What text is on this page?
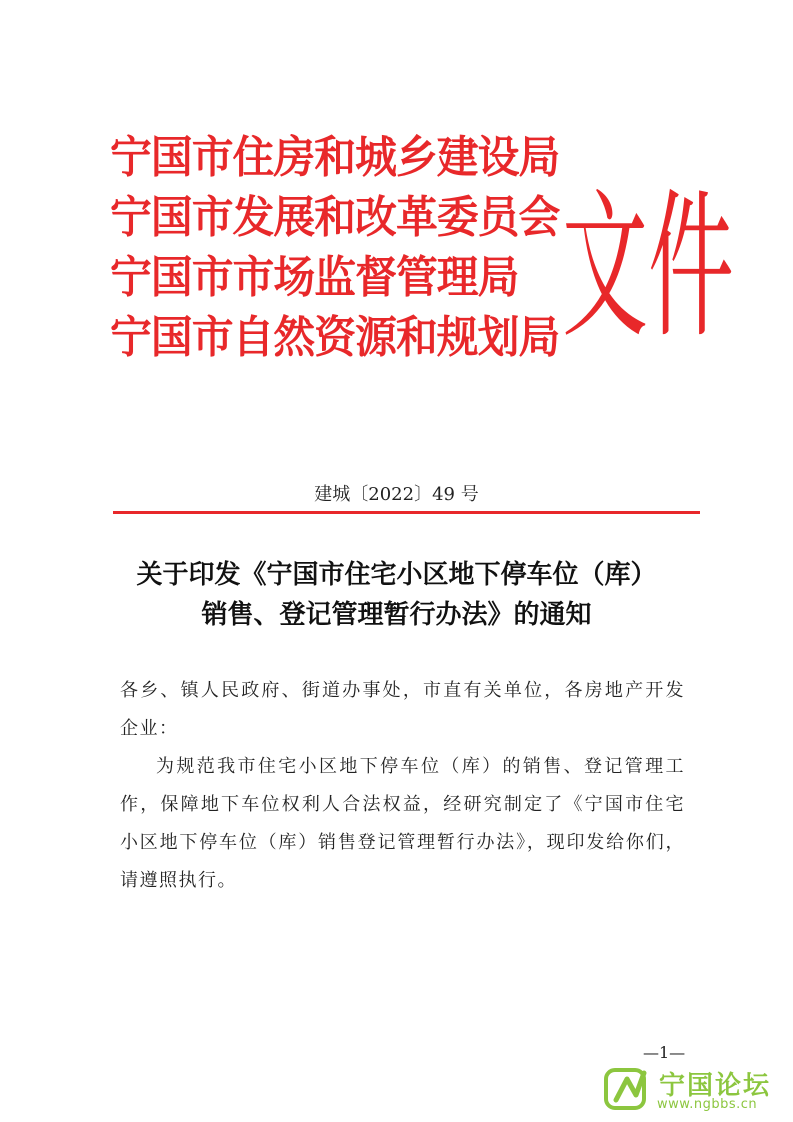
宁国市住房和城乡建设局
宁国市发展和改革委员会
宁国市市场监督管理局
宁国市自然资源和规划局 文件
建城〔2022〕49 号
关于印发《宁国市住宅小区地下停车位（库）
销售、登记管理暂行办法》的通知

各乡、镇人民政府、街道办事处，市直有关单位，各房地产开发企业：

为规范我市住宅小区地下停车位（库）的销售、登记管理工作，保障地下车位权利人合法权益，经研究制定了《宁国市住宅小区地下停车位（库）销售登记管理暂行办法》，现印发给你们，请遵照执行。

—1—
宁国论坛
www.ngbbs.cn
